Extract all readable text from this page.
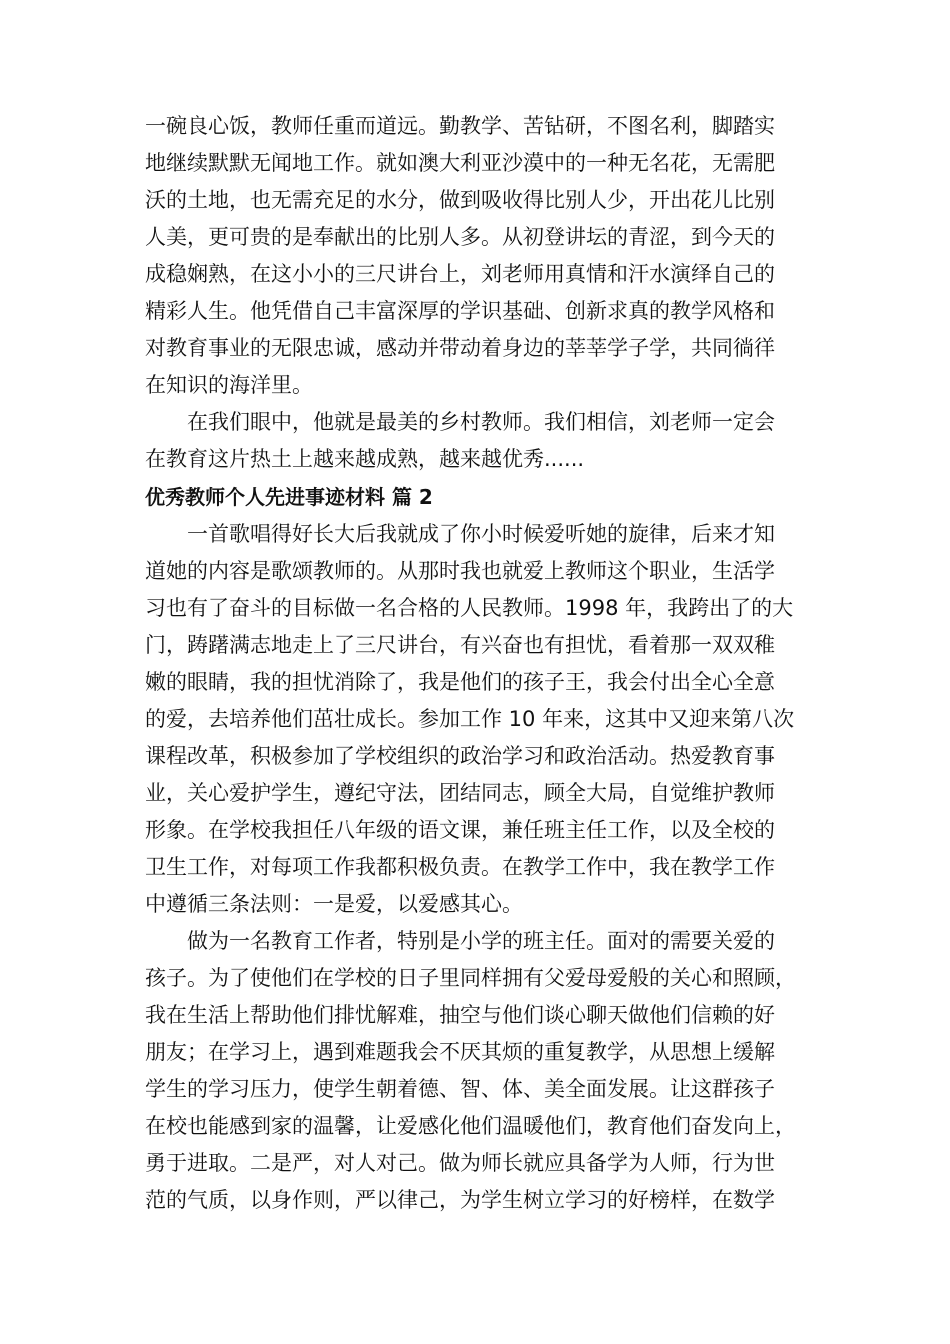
一碗良心饭，教师任重而道远。勤教学、苦钻研，不图名利，脚踏实
地继续默默无闻地工作。就如澳大利亚沙漠中的一种无名花，无需肥
沃的土地，也无需充足的水分，做到吸收得比别人少，开出花儿比别
人美，更可贵的是奉献出的比别人多。从初登讲坛的青涩，到今天的
成稳娴熟，在这小小的三尺讲台上，刘老师用真情和汗水演绎自己的
精彩人生。他凭借自己丰富深厚的学识基础、创新求真的教学风格和
对教育事业的无限忠诚，感动并带动着身边的莘莘学子学，共同徜徉
在知识的海洋里。
在我们眼中，他就是最美的乡村教师。我们相信，刘老师一定会
在教育这片热土上越来越成熟，越来越优秀......
优秀教师个人先进事迹材料 篇 2
一首歌唱得好长大后我就成了你小时候爱听她的旋律，后来才知
道她的内容是歌颂教师的。从那时我也就爱上教师这个职业，生活学
习也有了奋斗的目标做一名合格的人民教师。1998 年，我跨出了的大
门，踌躇满志地走上了三尺讲台，有兴奋也有担忧，看着那一双双稚
嫩的眼睛，我的担忧消除了，我是他们的孩子王，我会付出全心全意
的爱，去培养他们茁壮成长。参加工作 10 年来，这其中又迎来第八次
课程改革，积极参加了学校组织的政治学习和政治活动。热爱教育事
业，关心爱护学生，遵纪守法，团结同志，顾全大局，自觉维护教师
形象。在学校我担任八年级的语文课，兼任班主任工作，以及全校的
卫生工作，对每项工作我都积极负责。在教学工作中，我在教学工作
中遵循三条法则：一是爱，以爱感其心。
做为一名教育工作者，特别是小学的班主任。面对的需要关爱的
孩子。为了使他们在学校的日子里同样拥有父爱母爱般的关心和照顾，
我在生活上帮助他们排忧解难，抽空与他们谈心聊天做他们信赖的好
朋友；在学习上，遇到难题我会不厌其烦的重复教学，从思想上缓解
学生的学习压力，使学生朝着德、智、体、美全面发展。让这群孩子
在校也能感到家的温馨，让爱感化他们温暖他们，教育他们奋发向上，
勇于进取。二是严，对人对己。做为师长就应具备学为人师，行为世
范的气质，以身作则，严以律己，为学生树立学习的好榜样，在数学
